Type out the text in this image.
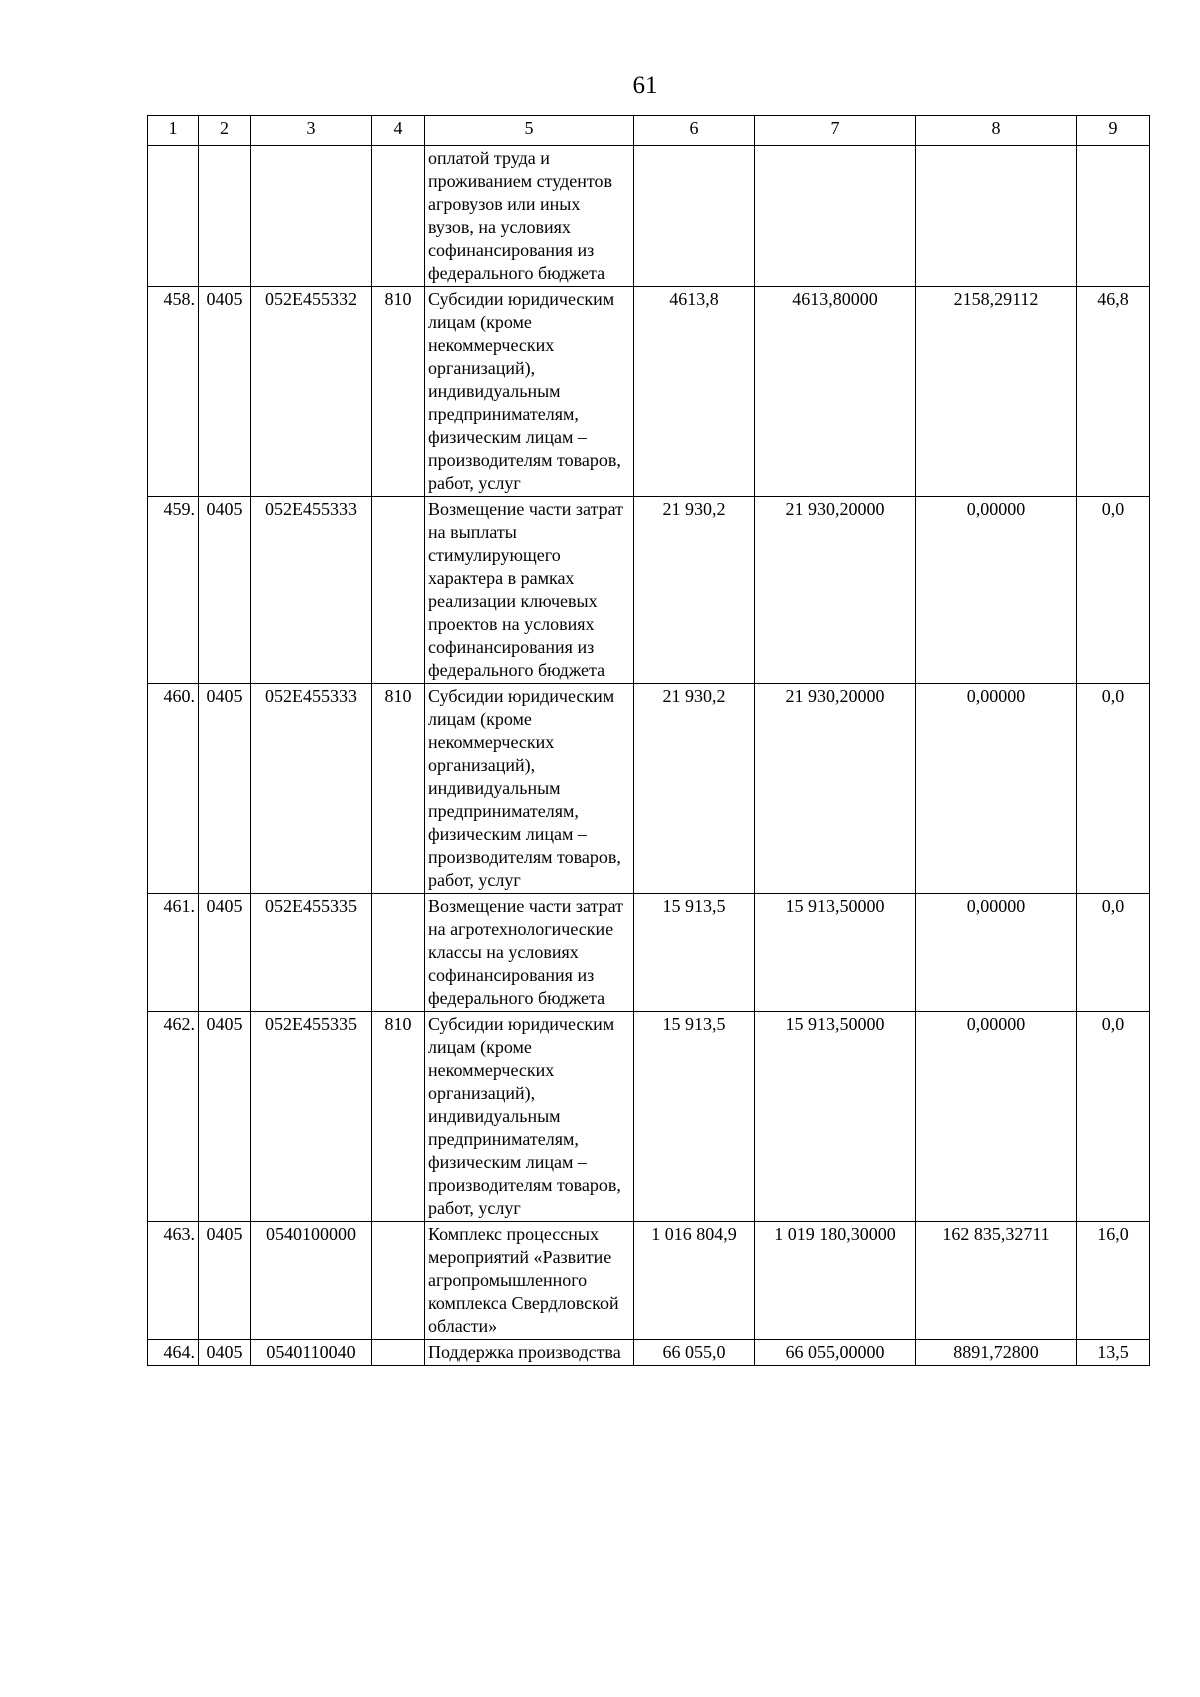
61
1	2	3	4	5	6	7	8	9
				оплатой труда и проживанием студентов агровузов или иных вузов, на условиях софинансирования из федерального бюджета				
458.	0405	052E455332	810	Субсидии юридическим лицам (кроме некоммерческих организаций), индивидуальным предпринимателям, физическим лицам – производителям товаров, работ, услуг	4613,8	4613,80000	2158,29112	46,8
459.	0405	052E455333		Возмещение части затрат на выплаты стимулирующего характера в рамках реализации ключевых проектов на условиях софинансирования из федерального бюджета	21 930,2	21 930,20000	0,00000	0,0
460.	0405	052E455333	810	Субсидии юридическим лицам (кроме некоммерческих организаций), индивидуальным предпринимателям, физическим лицам – производителям товаров, работ, услуг	21 930,2	21 930,20000	0,00000	0,0
461.	0405	052E455335		Возмещение части затрат на агротехнологические классы на условиях софинансирования из федерального бюджета	15 913,5	15 913,50000	0,00000	0,0
462.	0405	052E455335	810	Субсидии юридическим лицам (кроме некоммерческих организаций), индивидуальным предпринимателям, физическим лицам – производителям товаров, работ, услуг	15 913,5	15 913,50000	0,00000	0,0
463.	0405	0540100000		Комплекс процессных мероприятий «Развитие агропромышленного комплекса Свердловской области»	1 016 804,9	1 019 180,30000	162 835,32711	16,0
464.	0405	0540110040		Поддержка производства	66 055,0	66 055,00000	8891,72800	13,5
